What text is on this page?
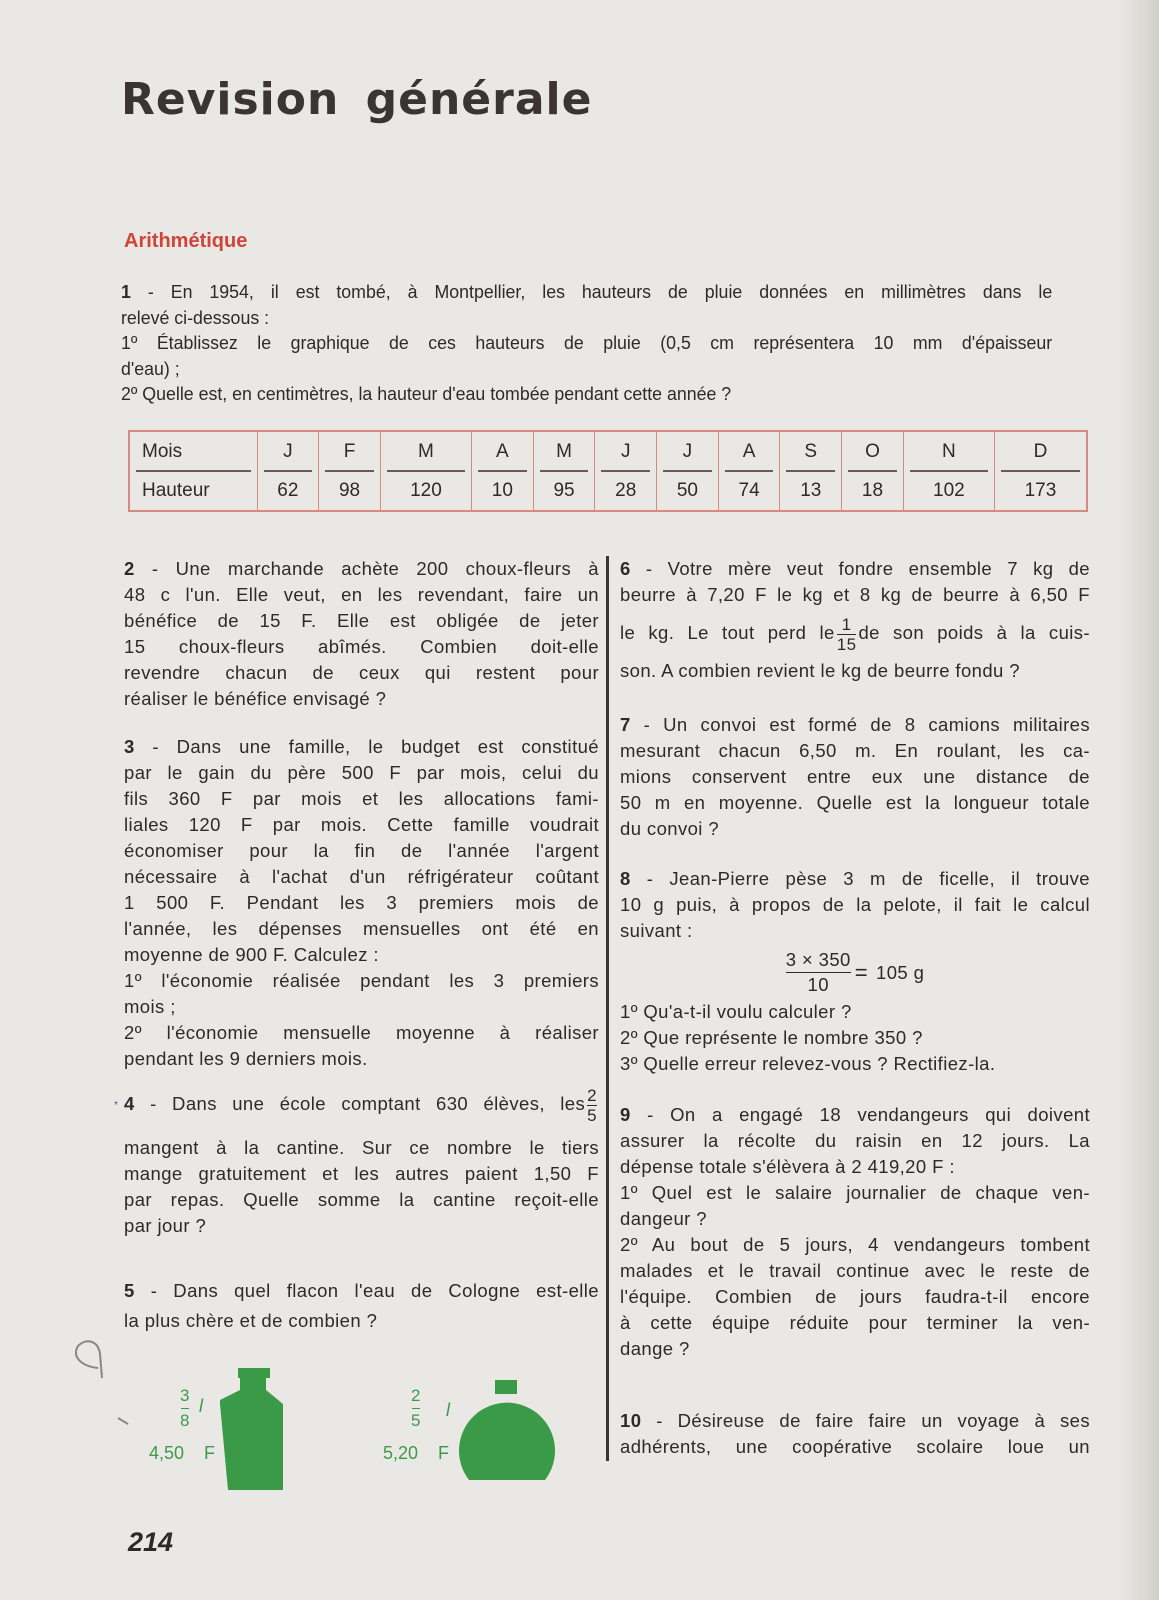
Revision générale
Arithmétique
1 - En 1954, il est tombé, à Montpellier, les hauteurs de pluie données en millimètres dans le
relevé ci-dessous :
1º Établissez le graphique de ces hauteurs de pluie (0,5 cm représentera 10 mm d'épaisseur
d'eau) ;
2º Quelle est, en centimètres, la hauteur d'eau tombée pendant cette année ?
Mois	J	F	M	A	M	J	J	A	S	O	N	D
Hauteur	62	98	120	10	95	28	50	74	13	18	102	173
2 - Une marchande achète 200 choux-fleurs à
48 c l'un. Elle veut, en les revendant, faire un
bénéfice de 15 F. Elle est obligée de jeter
15 choux-fleurs abîmés. Combien doit-elle
revendre chacun de ceux qui restent pour
réaliser le bénéfice envisagé ?
3 - Dans une famille, le budget est constitué
par le gain du père 500 F par mois, celui du
fils 360 F par mois et les allocations fami-
liales 120 F par mois. Cette famille voudrait
économiser pour la fin de l'année l'argent
nécessaire à l'achat d'un réfrigérateur coûtant
1 500 F. Pendant les 3 premiers mois de
l'année, les dépenses mensuelles ont été en
moyenne de 900 F. Calculez :
1º l'économie réalisée pendant les 3 premiers
mois ;
2º l'économie mensuelle moyenne à réaliser
pendant les 9 derniers mois.
4 - Dans une école comptant 630 élèves, les $\frac{2}{5}$
mangent à la cantine. Sur ce nombre le tiers
mange gratuitement et les autres paient 1,50 F
par repas. Quelle somme la cantine reçoit-elle
par jour ?
5 - Dans quel flacon l'eau de Cologne est-elle
la plus chère et de combien ?
3
8
l
4,50 F
2
5
l
5,20 F
*
6 - Votre mère veut fondre ensemble 7 kg de
beurre à 7,20 F le kg et 8 kg de beurre à 6,50 F
le kg. Le tout perd le $\frac{1}{15}$ de son poids à la cuis-
son. A combien revient le kg de beurre fondu ?
7 - Un convoi est formé de 8 camions militaires
mesurant chacun 6,50 m. En roulant, les ca-
mions conservent entre eux une distance de
50 m en moyenne. Quelle est la longueur totale
du convoi ?
8 - Jean-Pierre pèse 3 m de ficelle, il trouve
10 g puis, à propos de la pelote, il fait le calcul
suivant :
$\frac{3 \times 350}{10} = 105$ g
1º Qu'a-t-il voulu calculer ?
2º Que représente le nombre 350 ?
3º Quelle erreur relevez-vous ? Rectifiez-la.
9 - On a engagé 18 vendangeurs qui doivent
assurer la récolte du raisin en 12 jours. La
dépense totale s'élèvera à 2 419,20 F :
1º Quel est le salaire journalier de chaque ven-
dangeur ?
2º Au bout de 5 jours, 4 vendangeurs tombent
malades et le travail continue avec le reste de
l'équipe. Combien de jours faudra-t-il encore
à cette équipe réduite pour terminer la ven-
dange ?
10 - Désireuse de faire faire un voyage à ses
adhérents, une coopérative scolaire loue un
214
